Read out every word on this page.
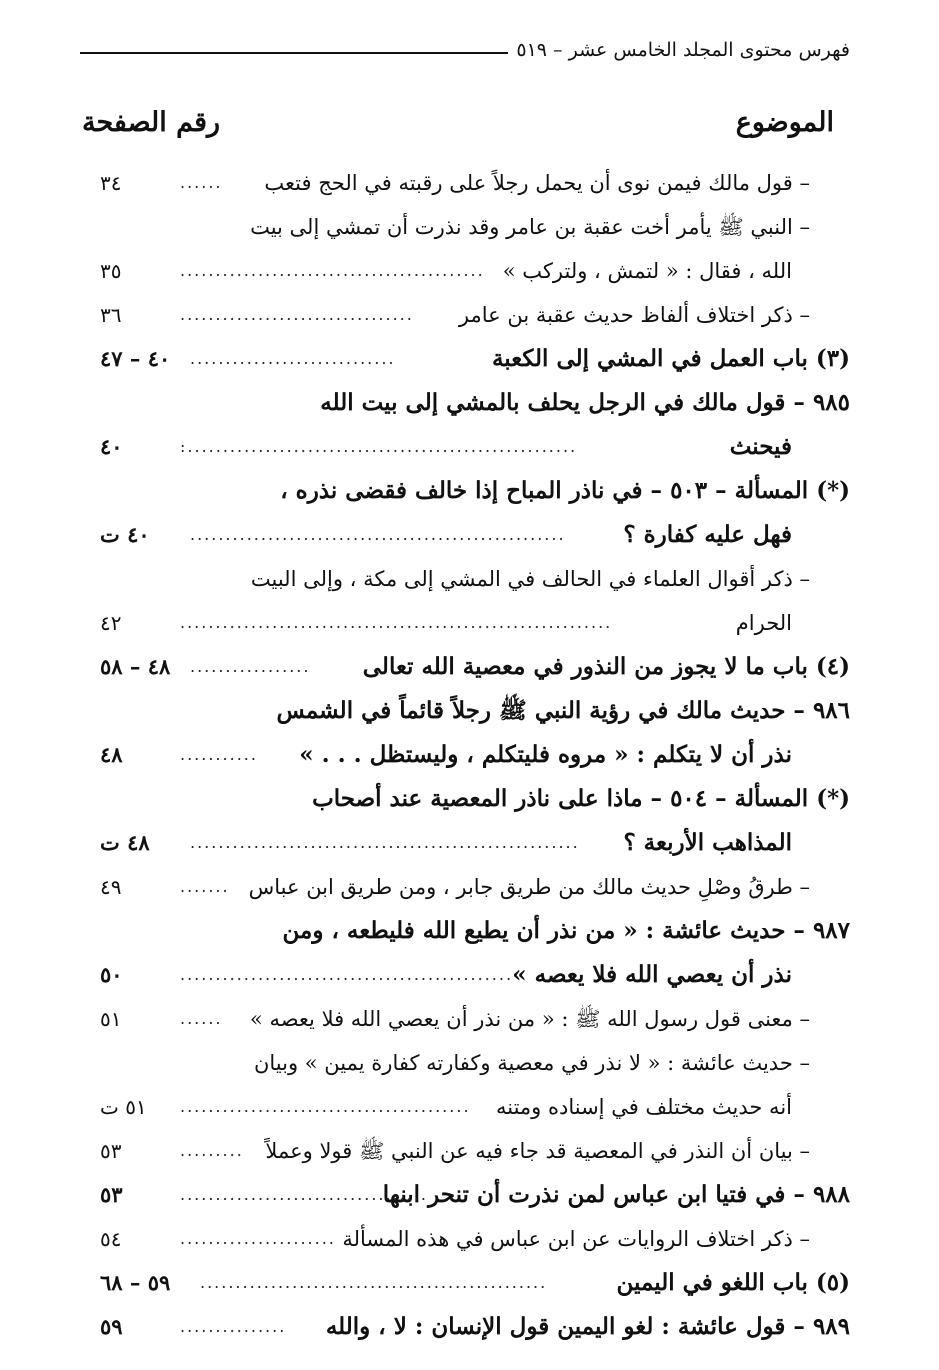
فهرس محتوى المجلد الخامس عشر – ٥١٩
الموضوع
رقم الصفحة
– قول مالك فيمن نوى أن يحمل رجلاً على رقبته في الحج فتعب
......
٣٤
– النبي ﷺ يأمر أخت عقبة بن عامر وقد نذرت أن تمشي إلى بيت
الله ، فقال : « لتمش ، ولتركب »
...........................................
٣٥
– ذكر اختلاف ألفاظ حديث عقبة بن عامر
.................................
٣٦
(٣) باب العمل في المشي إلى الكعبة
.............................
٤٠ – ٤٧
٩٨٥ – قول مالك في الرجل يحلف بالمشي إلى بيت الله
فيحنث
:.......................................................
٤٠
(*) المسألة – ٥٠٣ – في ناذر المباح إذا خالف فقضى نذره ،
فهل عليه كفارة ؟
.....................................................
٤٠ ت
– ذكر أقوال العلماء في الحالف في المشي إلى مكة ، وإلى البيت
الحرام
.............................................................
٤٢
(٤) باب ما لا يجوز من النذور في معصية الله تعالى
.................
٤٨ – ٥٨
٩٨٦ – حديث مالك في رؤية النبي ﷺ رجلاً قائماً في الشمس
نذر أن لا يتكلم : « مروه فليتكلم ، وليستظل . . . »
...........
٤٨
(*) المسألة – ٥٠٤ – ماذا على ناذر المعصية عند أصحاب
المذاهب الأربعة ؟
.......................................................
٤٨ ت
– طرقُ وصْلِ حديث مالك من طريق جابر ، ومن طريق ابن عباس
.......
٤٩
٩٨٧ – حديث عائشة : « من نذر أن يطيع الله فليطعه ، ومن
نذر أن يعصي الله فلا يعصه »
...............................................
٥٠
– معنى قول رسول الله ﷺ : « من نذر أن يعصي الله فلا يعصه »
......
٥١
– حديث عائشة : « لا نذر في معصية وكفارته كفارة يمين » وبيان
أنه حديث مختلف في إسناده ومتنه
.........................................
٥١ ت
– بيان أن النذر في المعصية قد جاء فيه عن النبي ﷺ قولا وعملاً
.........
٥٣
٩٨٨ – في فتيا ابن عباس لمن نذرت أن تنحر ابنها
...................................
٥٣
– ذكر اختلاف الروايات عن ابن عباس في هذه المسألة
......................
٥٤
(٥) باب اللغو في اليمين
.................................................
٥٩ – ٦٨
٩٨٩ – قول عائشة : لغو اليمين قول الإنسان : لا ، والله
...............
٥٩
